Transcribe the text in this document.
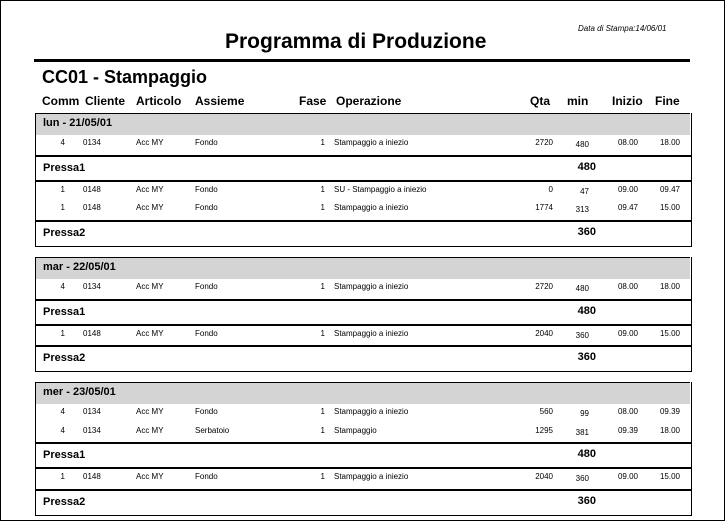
Data di Stampa:14/06/01
Programma di Produzione
CC01 - Stampaggio
Comm Cliente Articolo Assieme	Fase Operazione	Qta min Inizio Fine
lun - 21/05/01
4 0134	Acc MY	Fondo	1 Stampaggio a iniezio	2720	480	08.00	18.00
Pressa1	480
1 0148	Acc MY	Fondo	1 SU - Stampaggio a iniezio	0	47	09.00	09.47
1 0148	Acc MY	Fondo	1 Stampaggio a iniezio	1774	313	09.47	15.00
Pressa2	360
mar - 22/05/01
4 0134	Acc MY	Fondo	1 Stampaggio a iniezio	2720	480	08.00	18.00
Pressa1	480
1 0148	Acc MY	Fondo	1 Stampaggio a iniezio	2040	360	09.00	15.00
Pressa2	360
mer - 23/05/01
4 0134	Acc MY	Fondo	1 Stampaggio a iniezio	560	99	08.00	09.39
4 0134	Acc MY	Serbatoio	1 Stampaggio	1295	381	09.39	18.00
Pressa1	480
1 0148	Acc MY	Fondo	1 Stampaggio a iniezio	2040	360	09.00	15.00
Pressa2	360
